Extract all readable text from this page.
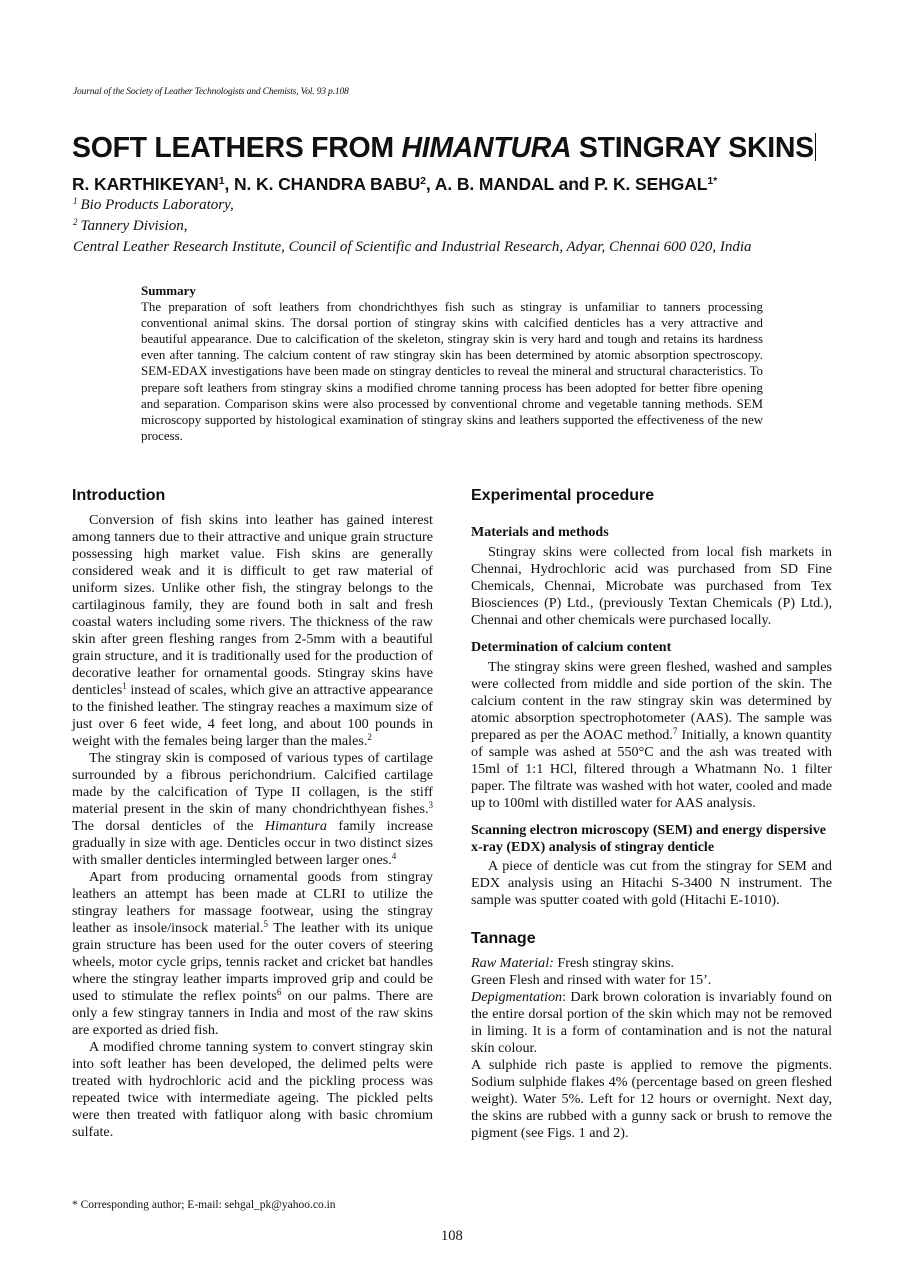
Journal of the Society of Leather Technologists and Chemists, Vol. 93 p.108
SOFT LEATHERS FROM HIMANTURA STINGRAY SKINS
R. KARTHIKEYAN$^1$, N. K. CHANDRA BABU$^2$, A. B. MANDAL and P. K. $SEHGAL^{1*}$
$^1$ Bio Products Laboratory,
$^2$ Tannery Division,
Central Leather Research Institute, Council of Scientific and Industrial Research, Adyar, Chennai 600 020, India
Summary
The preparation of soft leathers from chondrichthyes fish such as stingray is unfamiliar to tanners processing conventional animal skins. The dorsal portion of stingray skins with calcified denticles has a very attractive and beautiful appearance. Due to calcification of the skeleton, stingray skin is very hard and tough and retains its hardness even after tanning. The calcium content of raw stingray skin has been determined by atomic absorption spectroscopy. SEM-EDAX investigations have been made on stingray denticles to reveal the mineral and structural characteristics. To prepare soft leathers from stingray skins a modified chrome tanning process has been adopted for better fibre opening and separation. Comparison skins were also processed by conventional chrome and vegetable tanning methods. SEM microscopy supported by histological examination of stingray skins and leathers supported the effectiveness of the new process.
Introduction

Conversion of fish skins into leather has gained interest among tanners due to their attractive and unique grain structure possessing high market value. Fish skins are generally considered weak and it is difficult to get raw material of uniform sizes. Unlike other fish, the stingray belongs to the cartilaginous family, they are found both in salt and fresh coastal waters including some rivers. The thickness of the raw skin after green fleshing ranges from 2-5mm with a beautiful grain structure, and it is traditionally used for the production of decorative leather for ornamental goods. Stingray skins have denticles$^1$ instead of scales, which give an attractive appearance to the finished leather. The stingray reaches a maximum size of just over 6 feet wide, 4 feet long, and about 100 pounds in weight with the females being larger than the males.$^2$

The stingray skin is composed of various types of cartilage surrounded by a fibrous perichondrium. Calcified cartilage made by the calcification of Type II collagen, is the stiff material present in the skin of many chondrichthyean fishes.$^3$ The dorsal denticles of the Himantura family increase gradually in size with age. Denticles occur in two distinct sizes with smaller denticles intermingled between larger ones.$^4$

Apart from producing ornamental goods from stingray leathers an attempt has been made at CLRI to utilize the stingray leathers for massage footwear, using the stingray leather as insole/insock material.$^5$ The leather with its unique grain structure has been used for the outer covers of steering wheels, motor cycle grips, tennis racket and cricket bat handles where the stingray leather imparts improved grip and could be used to stimulate the reflex points$^6$ on our palms. There are only a few stingray tanners in India and most of the raw skins are exported as dried fish.

A modified chrome tanning system to convert stingray skin into soft leather has been developed, the delimed pelts were treated with hydrochloric acid and the pickling process was repeated twice with intermediate ageing. The pickled pelts were then treated with fatliquor along with basic chromium sulfate.

Experimental procedure
Materials and methods

Stingray skins were collected from local fish markets in Chennai, Hydrochloric acid was purchased from SD Fine Chemicals, Chennai, Microbate was purchased from Tex Biosciences (P) Ltd., (previously Textan Chemicals (P) Ltd.), Chennai and other chemicals were purchased locally.

Determination of calcium content

The stingray skins were green fleshed, washed and samples were collected from middle and side portion of the skin. The calcium content in the raw stingray skin was determined by atomic absorption spectrophotometer (AAS). The sample was prepared as per the AOAC method.$^7$ Initially, a known quantity of sample was ashed at 550°C and the ash was treated with 15ml of 1:1 HCl, filtered through a Whatmann No. 1 filter paper. The filtrate was washed with hot water, cooled and made up to 100ml with distilled water for AAS analysis.

Scanning electron microscopy (SEM) and energy dispersive x-ray (EDX) analysis of stingray denticle

A piece of denticle was cut from the stingray for SEM and EDX analysis using an Hitachi S-3400 N instrument. The sample was sputter coated with gold (Hitachi E-1010).

Tannage

Raw Material: Fresh stingray skins.

Green Flesh and rinsed with water for 15’.

Depigmentation: Dark brown coloration is invariably found on the entire dorsal portion of the skin which may not be removed in liming. It is a form of contamination and is not the natural skin colour.

A sulphide rich paste is applied to remove the pigments. Sodium sulphide flakes 4% (percentage based on green fleshed weight). Water 5%. Left for 12 hours or overnight. Next day, the skins are rubbed with a gunny sack or brush to remove the pigment (see Figs. 1 and 2).

* Corresponding author; E-mail: sehgal_pk@yahoo.co.in
108
